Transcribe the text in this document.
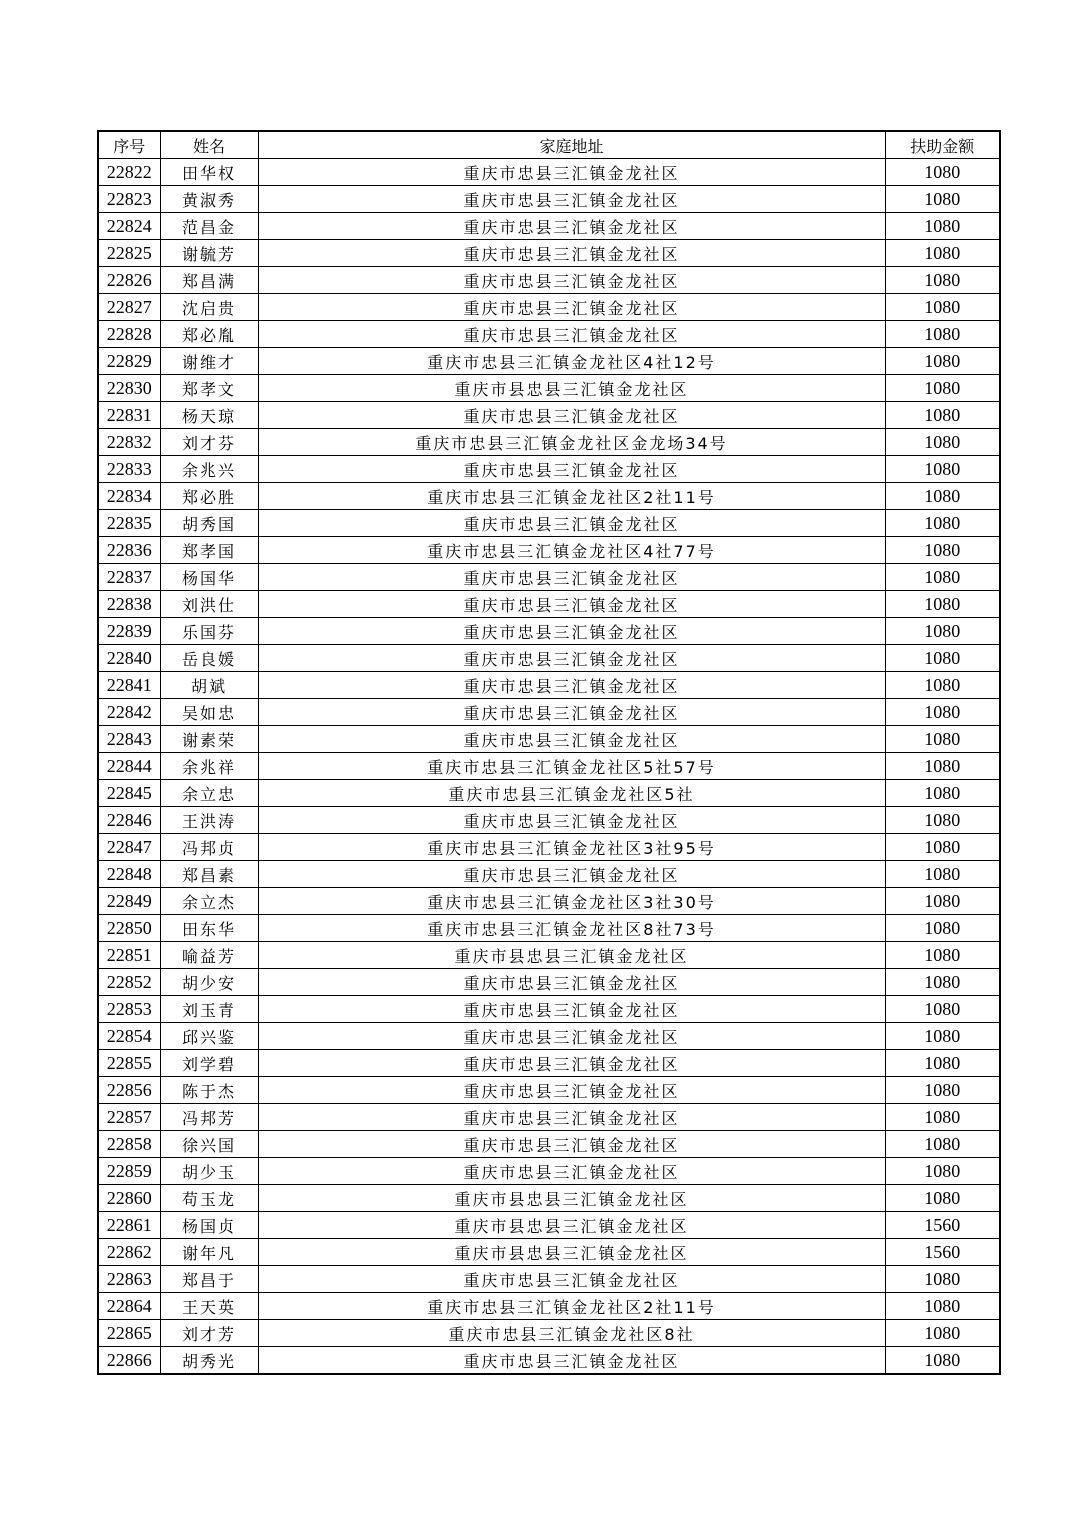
序号	姓名	家庭地址	扶助金额
22822	田华权	重庆市忠县三汇镇金龙社区	1080
22823	黄淑秀	重庆市忠县三汇镇金龙社区	1080
22824	范昌金	重庆市忠县三汇镇金龙社区	1080
22825	谢毓芳	重庆市忠县三汇镇金龙社区	1080
22826	郑昌满	重庆市忠县三汇镇金龙社区	1080
22827	沈启贵	重庆市忠县三汇镇金龙社区	1080
22828	郑必胤	重庆市忠县三汇镇金龙社区	1080
22829	谢维才	重庆市忠县三汇镇金龙社区4社12号	1080
22830	郑孝文	重庆市县忠县三汇镇金龙社区	1080
22831	杨天琼	重庆市忠县三汇镇金龙社区	1080
22832	刘才芬	重庆市忠县三汇镇金龙社区金龙场34号	1080
22833	余兆兴	重庆市忠县三汇镇金龙社区	1080
22834	郑必胜	重庆市忠县三汇镇金龙社区2社11号	1080
22835	胡秀国	重庆市忠县三汇镇金龙社区	1080
22836	郑孝国	重庆市忠县三汇镇金龙社区4社77号	1080
22837	杨国华	重庆市忠县三汇镇金龙社区	1080
22838	刘洪仕	重庆市忠县三汇镇金龙社区	1080
22839	乐国芬	重庆市忠县三汇镇金龙社区	1080
22840	岳良媛	重庆市忠县三汇镇金龙社区	1080
22841	胡斌	重庆市忠县三汇镇金龙社区	1080
22842	吴如忠	重庆市忠县三汇镇金龙社区	1080
22843	谢素荣	重庆市忠县三汇镇金龙社区	1080
22844	余兆祥	重庆市忠县三汇镇金龙社区5社57号	1080
22845	余立忠	重庆市忠县三汇镇金龙社区5社	1080
22846	王洪涛	重庆市忠县三汇镇金龙社区	1080
22847	冯邦贞	重庆市忠县三汇镇金龙社区3社95号	1080
22848	郑昌素	重庆市忠县三汇镇金龙社区	1080
22849	余立杰	重庆市忠县三汇镇金龙社区3社30号	1080
22850	田东华	重庆市忠县三汇镇金龙社区8社73号	1080
22851	喻益芳	重庆市县忠县三汇镇金龙社区	1080
22852	胡少安	重庆市忠县三汇镇金龙社区	1080
22853	刘玉青	重庆市忠县三汇镇金龙社区	1080
22854	邱兴鉴	重庆市忠县三汇镇金龙社区	1080
22855	刘学碧	重庆市忠县三汇镇金龙社区	1080
22856	陈于杰	重庆市忠县三汇镇金龙社区	1080
22857	冯邦芳	重庆市忠县三汇镇金龙社区	1080
22858	徐兴国	重庆市忠县三汇镇金龙社区	1080
22859	胡少玉	重庆市忠县三汇镇金龙社区	1080
22860	苟玉龙	重庆市县忠县三汇镇金龙社区	1080
22861	杨国贞	重庆市县忠县三汇镇金龙社区	1560
22862	谢年凡	重庆市县忠县三汇镇金龙社区	1560
22863	郑昌于	重庆市忠县三汇镇金龙社区	1080
22864	王天英	重庆市忠县三汇镇金龙社区2社11号	1080
22865	刘才芳	重庆市忠县三汇镇金龙社区8社	1080
22866	胡秀光	重庆市忠县三汇镇金龙社区	1080
